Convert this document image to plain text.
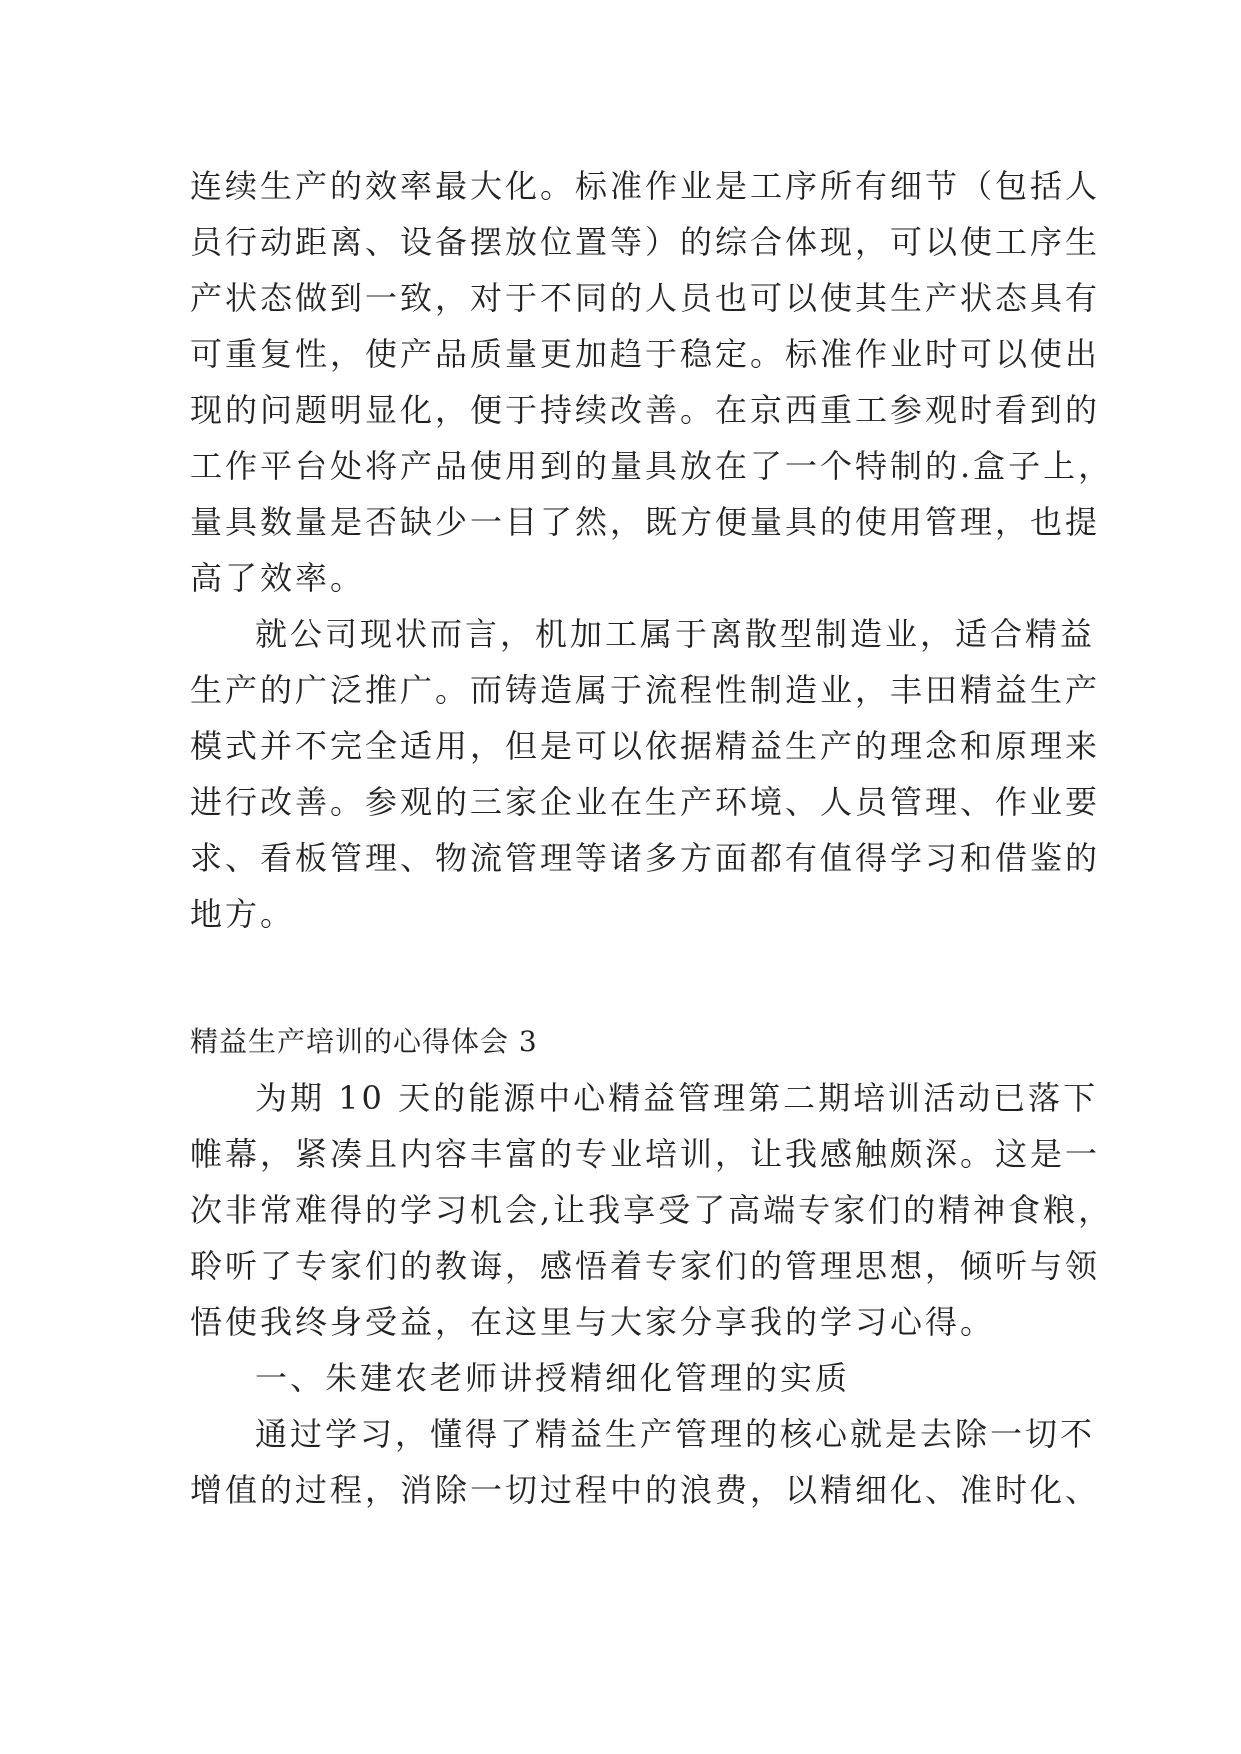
连续生产的效率最大化。标准作业是工序所有细节（包括人
员行动距离、设备摆放位置等）的综合体现，可以使工序生
产状态做到一致，对于不同的人员也可以使其生产状态具有
可重复性，使产品质量更加趋于稳定。标准作业时可以使出
现的问题明显化，便于持续改善。在京西重工参观时看到的
工作平台处将产品使用到的量具放在了一个特制的.盒子上，
量具数量是否缺少一目了然，既方便量具的使用管理，也提
高了效率。
就公司现状而言，机加工属于离散型制造业，适合精益
生产的广泛推广。而铸造属于流程性制造业，丰田精益生产
模式并不完全适用，但是可以依据精益生产的理念和原理来
进行改善。参观的三家企业在生产环境、人员管理、作业要
求、看板管理、物流管理等诸多方面都有值得学习和借鉴的
地方。
精益生产培训的心得体会 3
为期 10 天的能源中心精益管理第二期培训活动已落下
帷幕，紧凑且内容丰富的专业培训，让我感触颇深。这是一
次非常难得的学习机会,让我享受了高端专家们的精神食粮，
聆听了专家们的教诲，感悟着专家们的管理思想，倾听与领
悟使我终身受益，在这里与大家分享我的学习心得。
一、朱建农老师讲授精细化管理的实质
通过学习，懂得了精益生产管理的核心就是去除一切不
增值的过程，消除一切过程中的浪费，以精细化、准时化、
